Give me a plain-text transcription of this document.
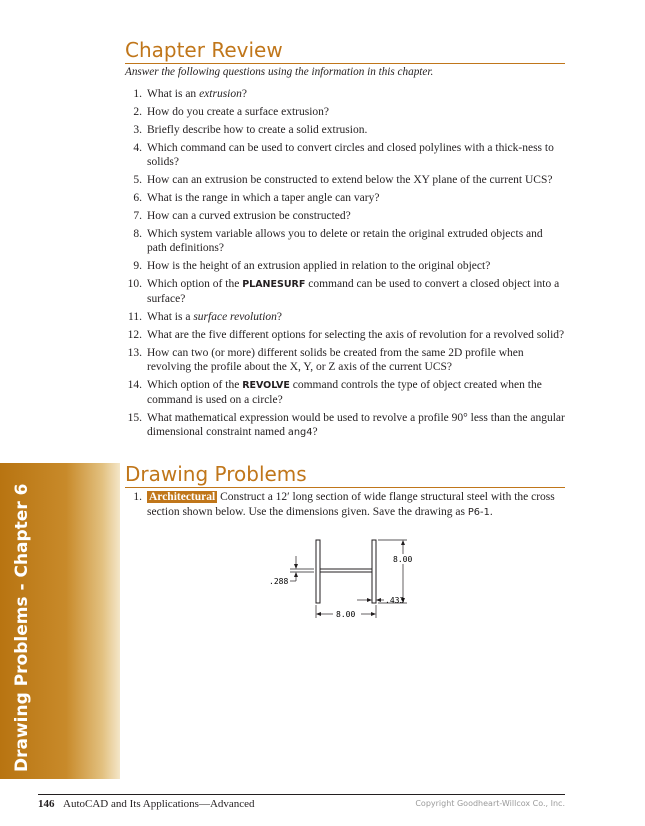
Drawing Problems - Chapter 6
Chapter Review

Answer the following questions using the information in this chapter.

1. What is an extrusion?
2. How do you create a surface extrusion?
3. Briefly describe how to create a solid extrusion.
4. Which command can be used to convert circles and closed polylines with a thick-ness to solids?
5. How can an extrusion be constructed to extend below the XY plane of the current UCS?
6. What is the range in which a taper angle can vary?
7. How can a curved extrusion be constructed?
8. Which system variable allows you to delete or retain the original extruded objects and path definitions?
9. How is the height of an extrusion applied in relation to the original object?
10. Which option of the PLANESURF command can be used to convert a closed object into a surface?
11. What is a surface revolution?
12. What are the five different options for selecting the axis of revolution for a revolved solid?
13. How can two (or more) different solids be created from the same 2D profile when revolving the profile about the X, Y, or Z axis of the current UCS?
14. Which option of the REVOLVE command controls the type of object created when the command is used on a circle?
15. What mathematical expression would be used to revolve a profile 90° less than the angular dimensional constraint named ang4?
Drawing Problems
1. Architectural Construct a 12′ long section of wide flange structural steel with the cross section shown below. Use the dimensions given. Save the drawing as P6-1.
8.00
.288
8.00
.433
146 AutoCAD and Its Applications—Advanced	Copyright Goodheart-Willcox Co., Inc.
